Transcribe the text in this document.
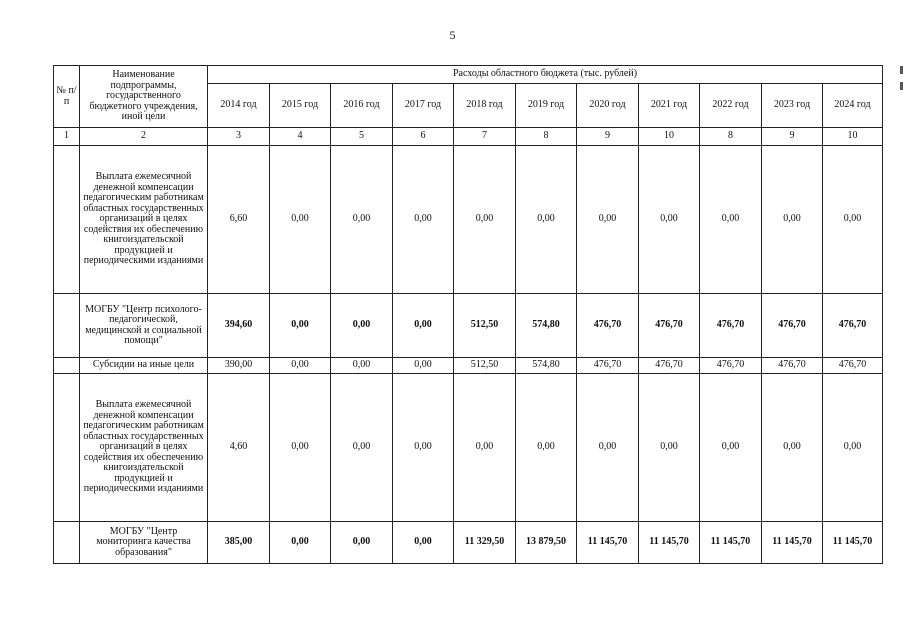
5
№ п/п	Наименование подпрограммы, государственного бюджетного учреждения, иной цели	Расходы областного бюджета (тыс. рублей)										
		2014 год	2015 год	2016 год	2017 год	2018 год	2019 год	2020 год	2021 год	2022 год	2023 год	2024 год
1	2	3	4	5	6	7	8	9	10	8	9	10
	Выплата ежемесячной денежной компенсации педагогическим работникам областных государственных организаций в целях содействия их обеспечению книгоиздательской продукцией и периодическими изданиями	6,60	0,00	0,00	0,00	0,00	0,00	0,00	0,00	0,00	0,00	0,00
	МОГБУ "Центр психолого-педагогической, медицинской и социальной помощи"	394,60	0,00	0,00	0,00	512,50	574,80	476,70	476,70	476,70	476,70	476,70
	Субсидии на иные цели	390,00	0,00	0,00	0,00	512,50	574,80	476,70	476,70	476,70	476,70	476,70
	Выплата ежемесячной денежной компенсации педагогическим работникам областных государственных организаций в целях содействия их обеспечению книгоиздательской продукцией и периодическими изданиями	4,60	0,00	0,00	0,00	0,00	0,00	0,00	0,00	0,00	0,00	0,00
	МОГБУ "Центр мониторинга качества образования"	385,00	0,00	0,00	0,00	11 329,50	13 879,50	11 145,70	11 145,70	11 145,70	11 145,70	11 145,70
